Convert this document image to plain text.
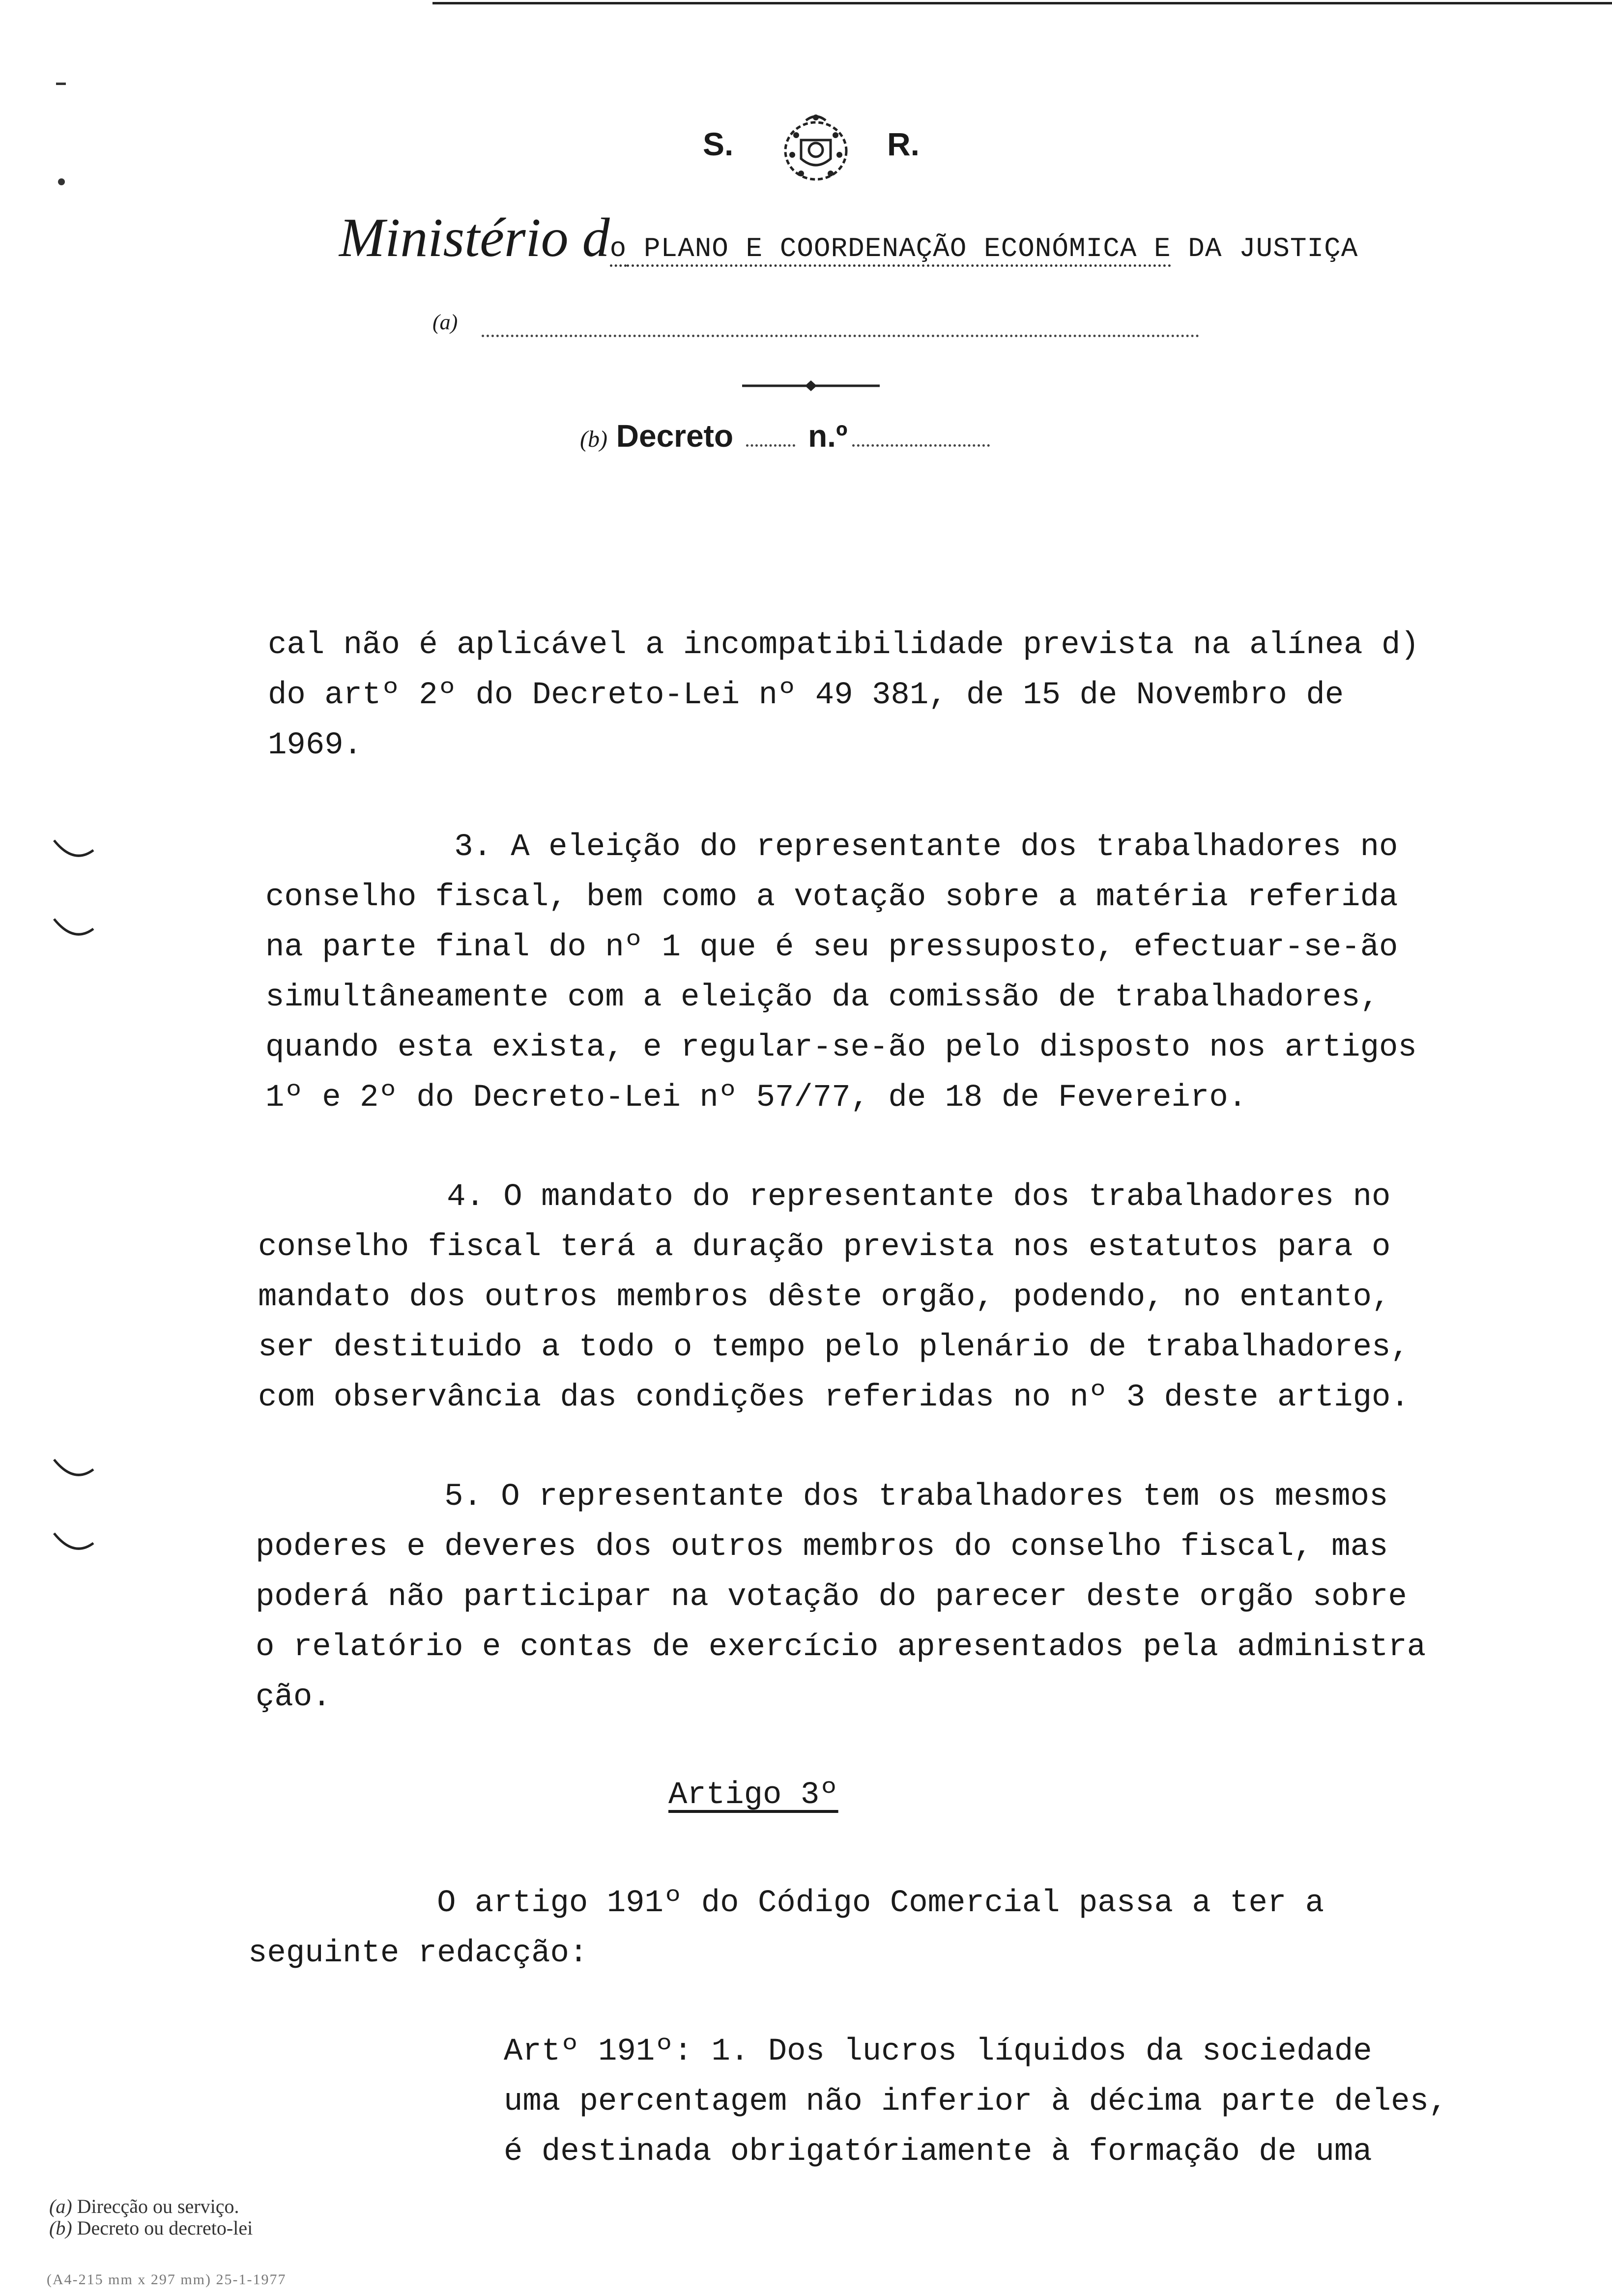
S.	R.
Ministério do PLANO E COORDENAÇÃO ECONÓMICA E DA JUSTIÇA
(a)
(b) Decreto n.º
cal não é aplicável a incompatibilidade prevista na alínea d)
do artº 2º do Decreto-Lei nº 49 381, de 15 de Novembro de
1969.
3. A eleição do representante dos trabalhadores no
conselho fiscal, bem como a votação sobre a matéria referida
na parte final do nº 1 que é seu pressuposto, efectuar-se-ão
simultâneamente com a eleição da comissão de trabalhadores,
quando esta exista, e regular-se-ão pelo disposto nos artigos
1º e 2º do Decreto-Lei nº 57/77, de 18 de Fevereiro.
4. O mandato do representante dos trabalhadores no
conselho fiscal terá a duração prevista nos estatutos para o
mandato dos outros membros dêste orgão, podendo, no entanto,
ser destituido a todo o tempo pelo plenário de trabalhadores,
com observância das condições referidas no nº 3 deste artigo.
5. O representante dos trabalhadores tem os mesmos
poderes e deveres dos outros membros do conselho fiscal, mas
poderá não participar na votação do parecer deste orgão sobre
o relatório e contas de exercício apresentados pela administra
ção.
Artigo 3º
O artigo 191º do Código Comercial passa a ter a
seguinte redacção:
Artº 191º: 1. Dos lucros líquidos da sociedade
uma percentagem não inferior à décima parte deles,
é destinada obrigatóriamente à formação de uma
(a) Direcção ou serviço.
(b) Decreto ou decreto-lei
(A4-215 mm x 297 mm) 25-1-1977
